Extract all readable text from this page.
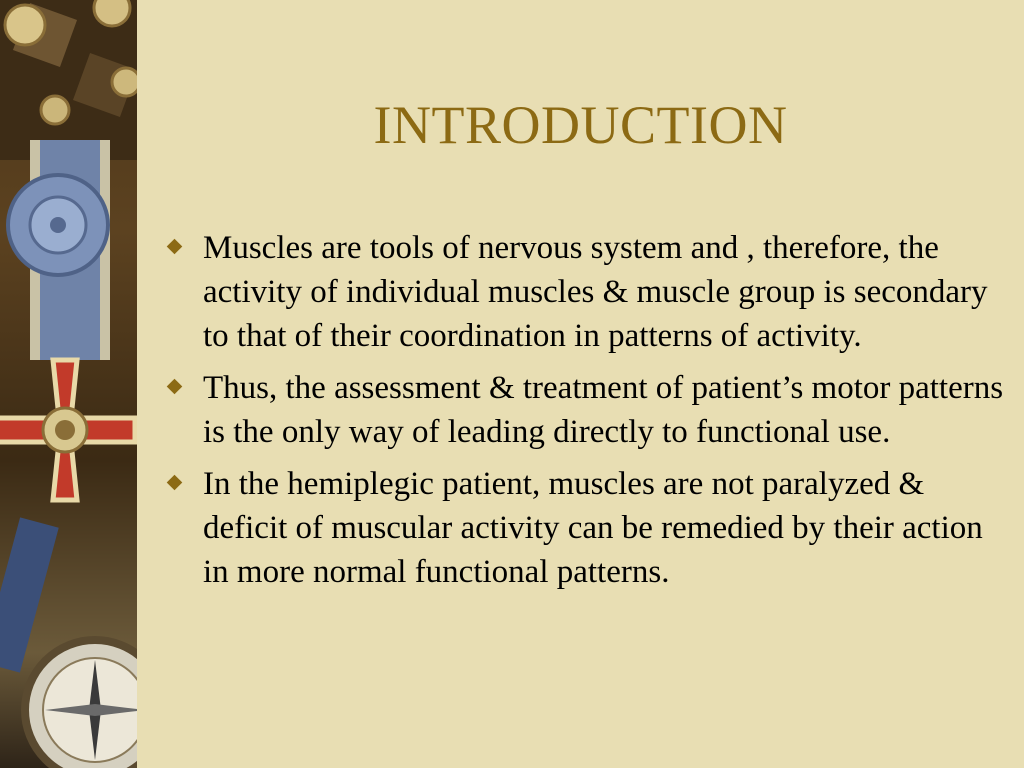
INTRODUCTION
Muscles are tools of nervous system and , therefore, the activity of individual muscles & muscle group is secondary to that of their coordination in patterns of activity.
Thus, the assessment & treatment of patient’s motor patterns is the only way of leading directly to functional use.
In the hemiplegic patient, muscles are not paralyzed & deficit of muscular activity can be remedied by their action in more normal functional patterns.
